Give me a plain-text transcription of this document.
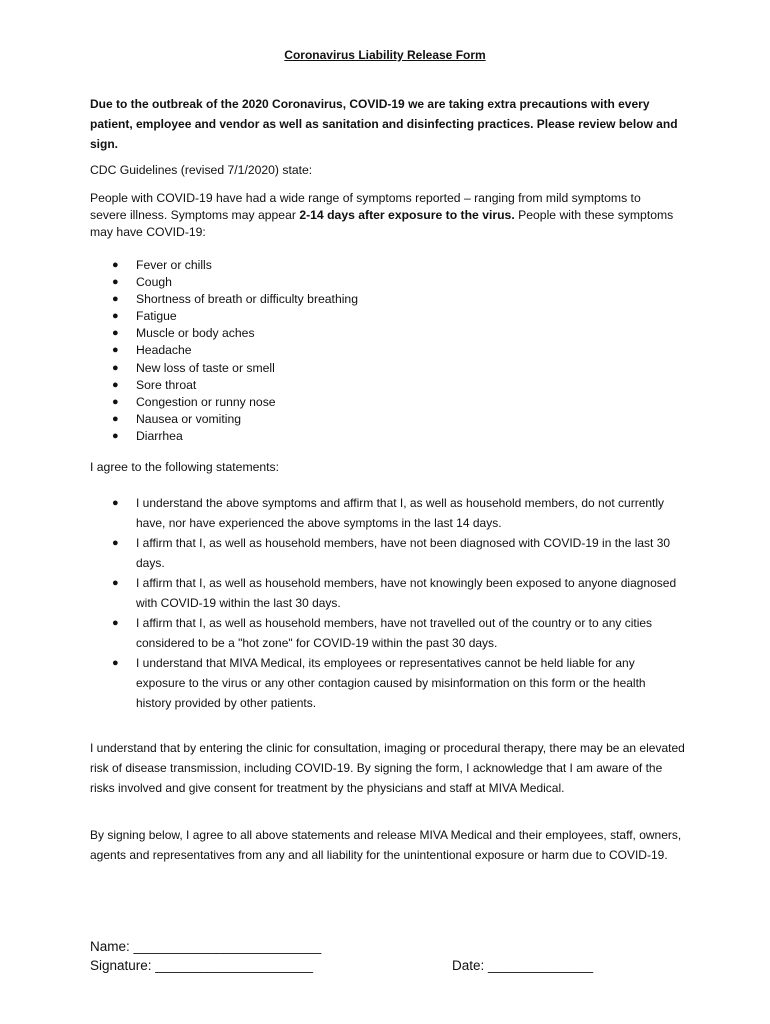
Coronavirus Liability Release Form
Due to the outbreak of the 2020 Coronavirus, COVID-19 we are taking extra precautions with every patient, employee and vendor as well as sanitation and disinfecting practices. Please review below and sign.
CDC Guidelines (revised 7/1/2020) state:
People with COVID-19 have had a wide range of symptoms reported – ranging from mild symptoms to severe illness. Symptoms may appear 2-14 days after exposure to the virus. People with these symptoms may have COVID-19:
● Fever or chills
● Cough
● Shortness of breath or difficulty breathing
● Fatigue
● Muscle or body aches
● Headache
● New loss of taste or smell
● Sore throat
● Congestion or runny nose
● Nausea or vomiting
● Diarrhea
I agree to the following statements:
● I understand the above symptoms and affirm that I, as well as household members, do not currently have, nor have experienced the above symptoms in the last 14 days.
● I affirm that I, as well as household members, have not been diagnosed with COVID-19 in the last 30 days.
● I affirm that I, as well as household members, have not knowingly been exposed to anyone diagnosed with COVID-19 within the last 30 days.
● I affirm that I, as well as household members, have not travelled out of the country or to any cities considered to be a "hot zone" for COVID-19 within the past 30 days.
● I understand that MIVA Medical, its employees or representatives cannot be held liable for any exposure to the virus or any other contagion caused by misinformation on this form or the health history provided by other patients.
I understand that by entering the clinic for consultation, imaging or procedural therapy, there may be an elevated risk of disease transmission, including COVID-19. By signing the form, I acknowledge that I am aware of the risks involved and give consent for treatment by the physicians and staff at MIVA Medical.
By signing below, I agree to all above statements and release MIVA Medical and their employees, staff, owners, agents and representatives from any and all liability for the unintentional exposure or harm due to COVID-19.
Name: _________________________
Signature: _____________________	Date: ______________
